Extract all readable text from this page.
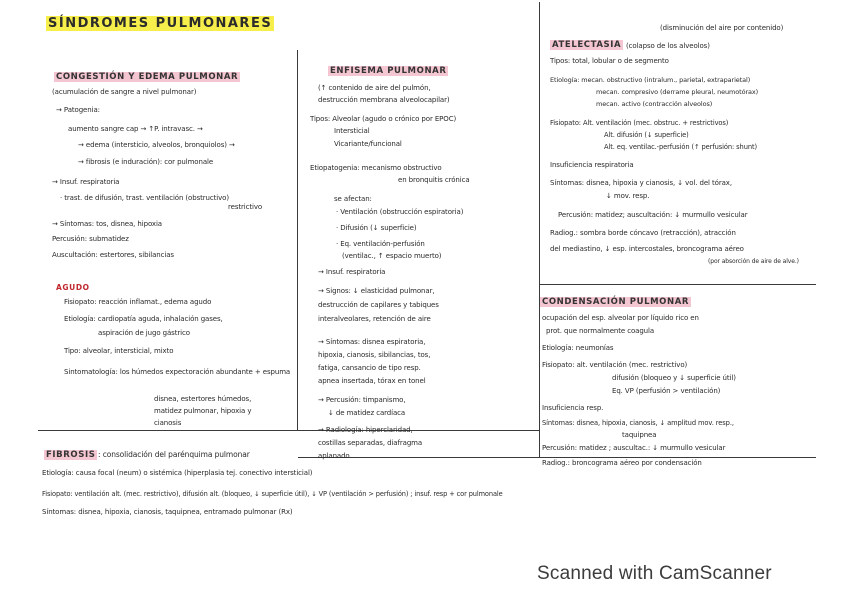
SÍNDROMES PULMONARES
CONGESTIÓN Y EDEMA PULMONAR
(acumulación de sangre a nivel pulmonar)
→ Patogenia:
aumento sangre cap → ↑P. intravasc. →
→ edema (intersticio, alveolos, bronquiolos) →
→ fibrosis (e induración): cor pulmonale
→ Insuf. respiratoria
· trast. de difusión, trast. ventilación (obstructivo)
restrictivo
→ Síntomas: tos, disnea, hipoxia
Percusión: submatidez
Auscultación: estertores, sibilancias
AGUDO
Fisiopato: reacción inflamat., edema agudo
Etiología: cardiopatía aguda, inhalación gases,
aspiración de jugo gástrico
Tipo: alveolar, intersticial, mixto
Sintomatología: los húmedos expectoración abundante + espuma
disnea, estertores húmedos,
matidez pulmonar, hipoxia y
cianosis
FIBROSIS : consolidación del parénquima pulmonar
Etiología: causa focal (neum) o sistémica (hiperplasia tej. conectivo intersticial)
Fisiopato: ventilación alt. (mec. restrictivo), difusión alt. (bloqueo, ↓ superficie útil), ↓ VP (ventilación > perfusión) ; insuf. resp + cor pulmonale
Síntomas: disnea, hipoxia, cianosis, taquipnea, entramado pulmonar (Rx)
ENFISEMA PULMONAR
(↑ contenido de aire del pulmón,
destrucción membrana alveolocapilar)
Tipos: Alveolar (agudo o crónico por EPOC)
Intersticial
Vicariante/funcional
Etiopatogenia: mecanismo obstructivo
en bronquitis crónica
se afectan:
· Ventilación (obstrucción espiratoria)
· Difusión (↓ superficie)
· Eq. ventilación-perfusión
(ventilac., ↑ espacio muerto)
→ Insuf. respiratoria
→ Signos: ↓ elasticidad pulmonar,
destrucción de capilares y tabiques
interalveolares, retención de aire
→ Síntomas: disnea espiratoria,
hipoxia, cianosis, sibilancias, tos,
fatiga, cansancio de tipo resp.
apnea insertada, tórax en tonel
→ Percusión: timpanismo,
↓ de matidez cardíaca
→ Radiología: hiperclaridad,
costillas separadas, diafragma
aplanado
(disminución del aire por contenido)
ATELECTASIA (colapso de los alveolos)
Tipos: total, lobular o de segmento
Etiología: mecan. obstructivo (intralum., parietal, extraparietal)
mecan. compresivo (derrame pleural, neumotórax)
mecan. activo (contracción alveolos)
Fisiopato: Alt. ventilación (mec. obstruc. + restrictivos)
Alt. difusión (↓ superficie)
Alt. eq. ventilac.-perfusión (↑ perfusión: shunt)
Insuficiencia respiratoria
Síntomas: disnea, hipoxia y cianosis, ↓ vol. del tórax,
↓ mov. resp.
Percusión: matidez; auscultación: ↓ murmullo vesicular
Radiog.: sombra borde cóncavo (retracción), atracción
del mediastino, ↓ esp. intercostales, broncograma aéreo
(por absorción de aire de alve.)
CONDENSACIÓN PULMONAR
ocupación del esp. alveolar por líquido rico en
prot. que normalmente coagula
Etiología: neumonías
Fisiopato: alt. ventilación (mec. restrictivo)
difusión (bloqueo y ↓ superficie útil)
Eq. VP (perfusión > ventilación)
Insuficiencia resp.
Síntomas: disnea, hipoxia, cianosis, ↓ amplitud mov. resp.,
taquipnea
Percusión: matidez ; auscultac.: ↓ murmullo vesicular
Radiog.: broncograma aéreo por condensación
Scanned with CamScanner
